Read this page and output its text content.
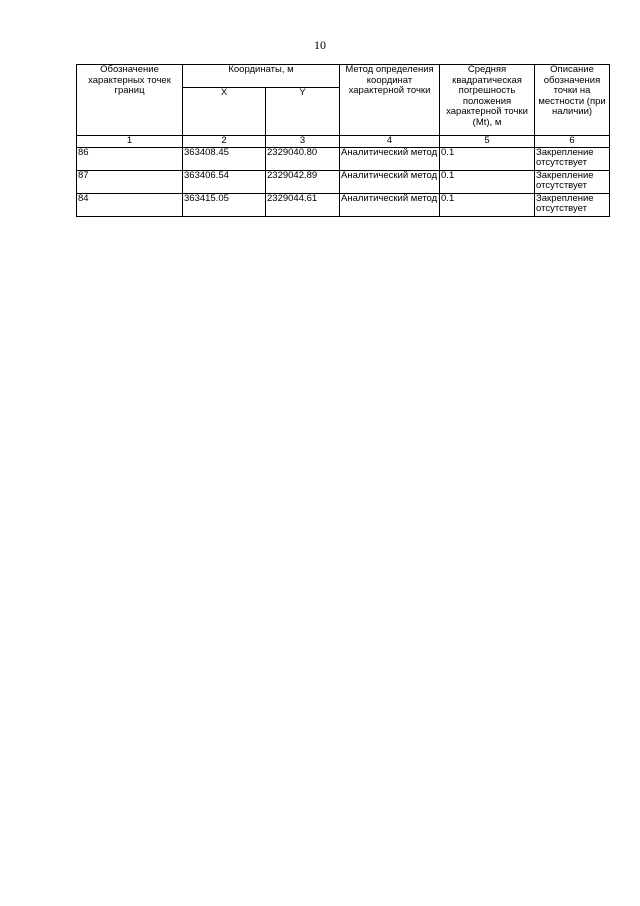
10
Обозначение характерных точек границ	Координаты, м		Метод определения координат характерной точки	Средняя квадратическая погрешность положения характерной точки (Mt), м	Описание обозначения точки на местности (при наличии)
	X	Y			
1	2	3	4	5	6
86	363408.45	2329040.80	Аналитический метод	0.1	Закрепление отсутствует
87	363406.54	2329042.89	Аналитический метод	0.1	Закрепление отсутствует
84	363415.05	2329044.61	Аналитический метод	0.1	Закрепление отсутствует
